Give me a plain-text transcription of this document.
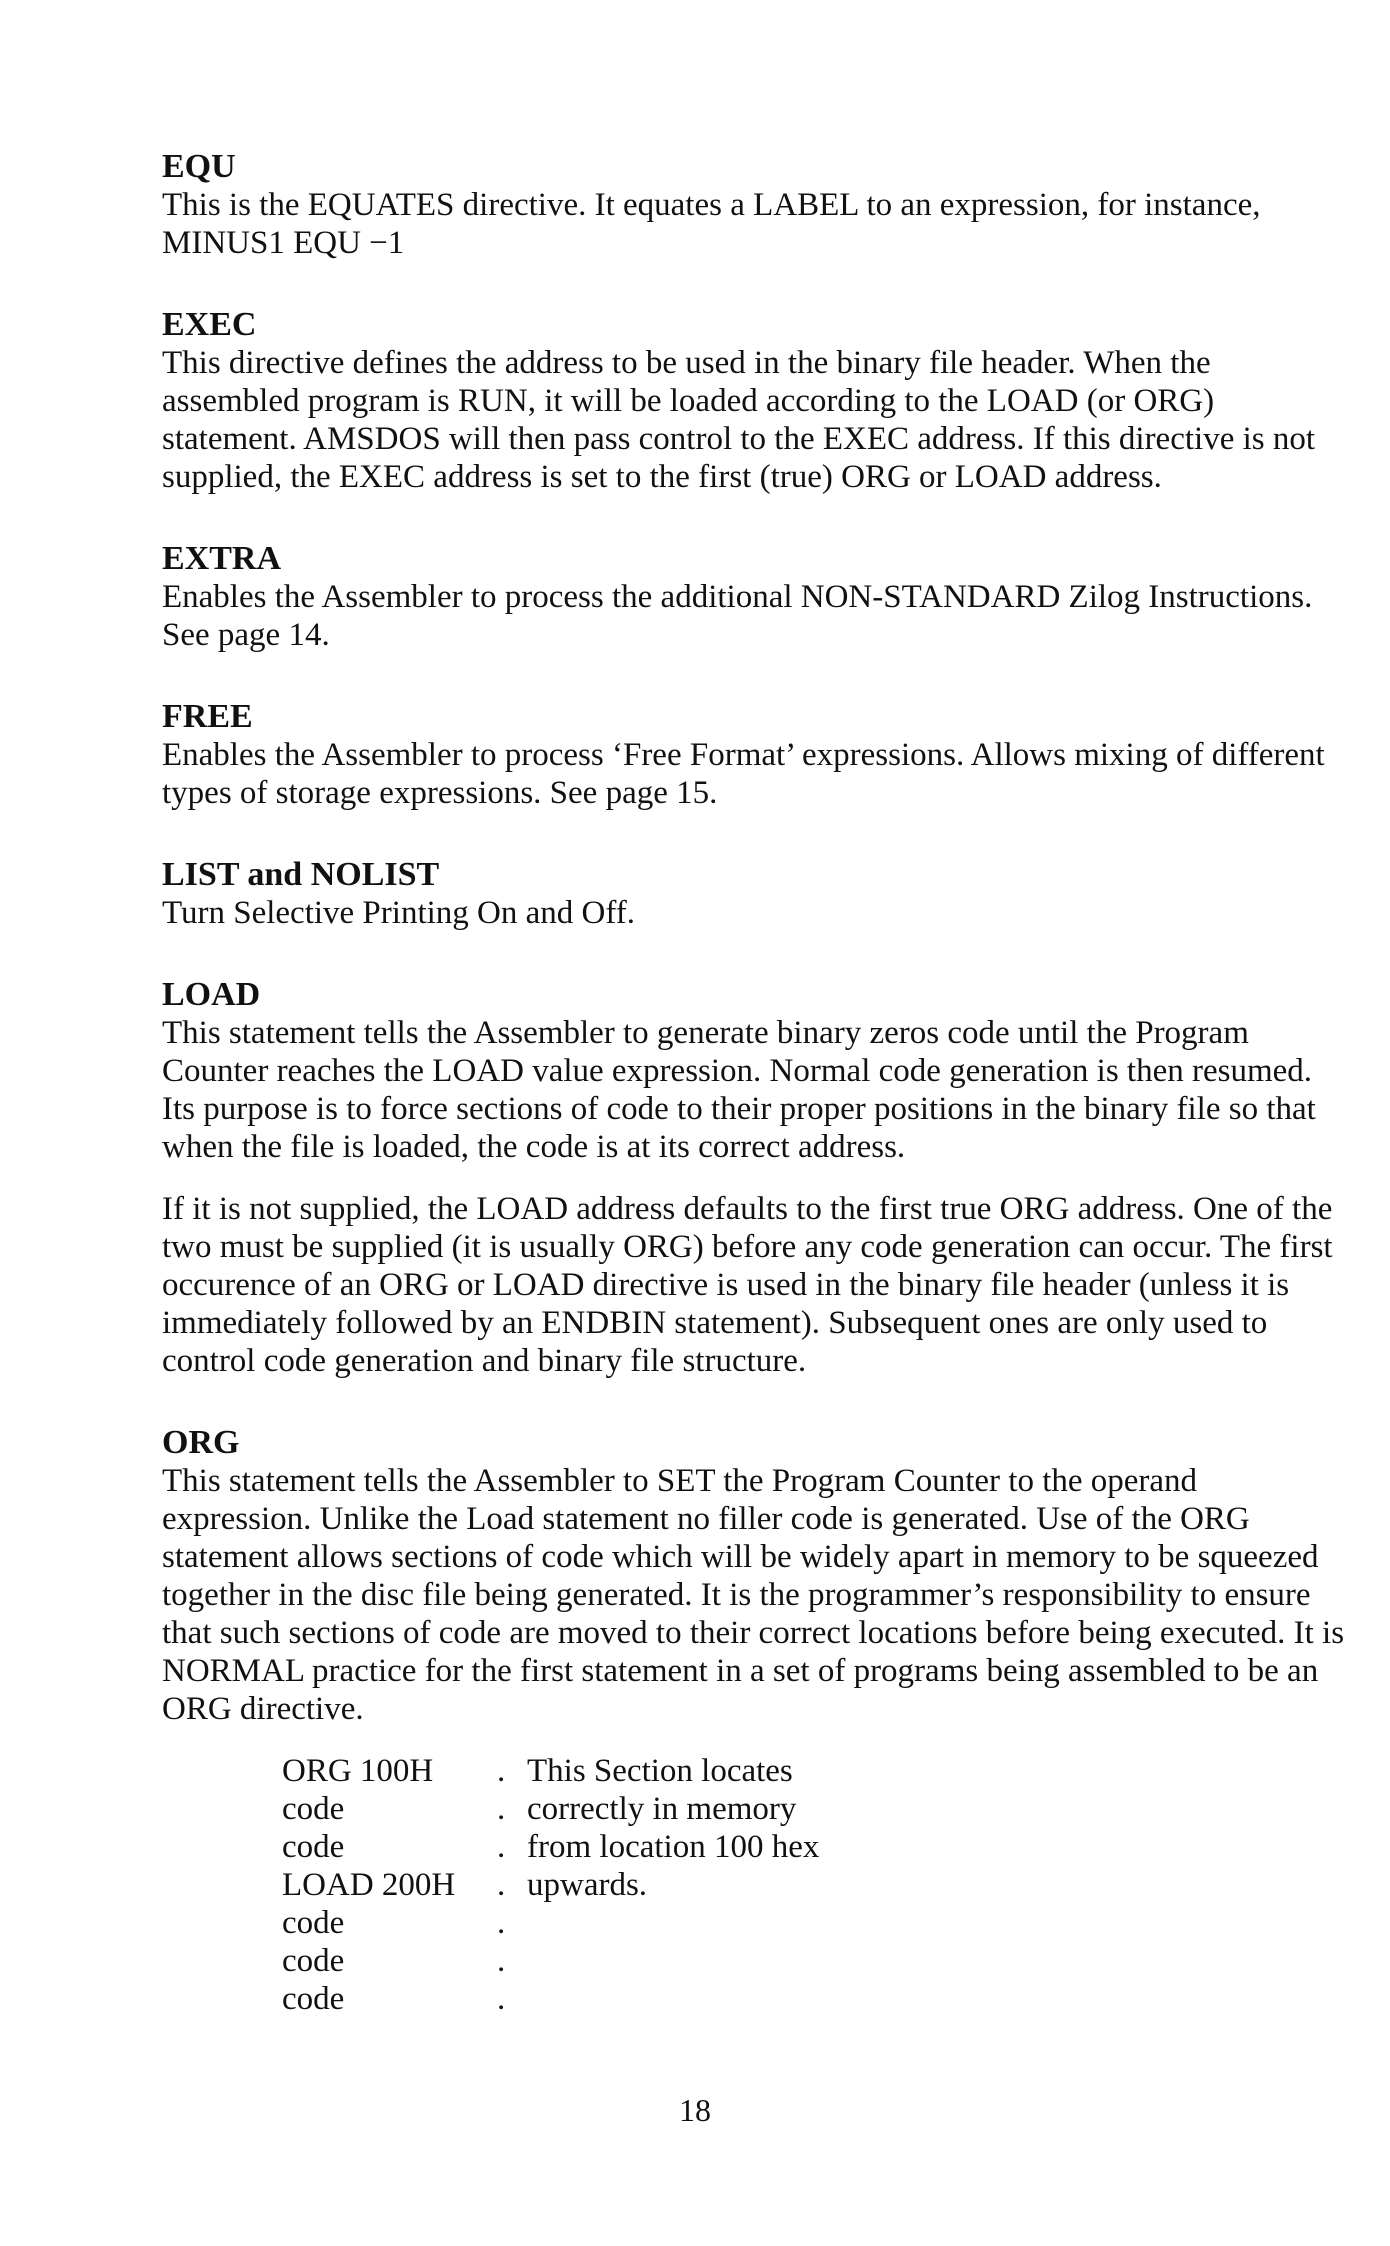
EQU

This is the EQUATES directive. It equates a LABEL to an expression, for instance, MINUS1 EQU −1

EXEC

This directive defines the address to be used in the binary file header. When the assembled program is RUN, it will be loaded according to the LOAD (or ORG) statement. AMSDOS will then pass control to the EXEC address. If this directive is not supplied, the EXEC address is set to the first (true) ORG or LOAD address.

EXTRA

Enables the Assembler to process the additional NON-STANDARD Zilog Instructions. See page 14.

FREE

Enables the Assembler to process ‘Free Format’ expressions. Allows mixing of different types of storage expressions. See page 15.

LIST and NOLIST

Turn Selective Printing On and Off.

LOAD

This statement tells the Assembler to generate binary zeros code until the Program Counter reaches the LOAD value expression. Normal code generation is then resumed. Its purpose is to force sections of code to their proper positions in the binary file so that when the file is loaded, the code is at its correct address.

If it is not supplied, the LOAD address defaults to the first true ORG address. One of the two must be supplied (it is usually ORG) before any code generation can occur. The first occurence of an ORG or LOAD directive is used in the binary file header (unless it is immediately followed by an ENDBIN statement). Subsequent ones are only used to control code generation and binary file structure.

ORG

This statement tells the Assembler to SET the Program Counter to the operand expression. Unlike the Load statement no filler code is generated. Use of the ORG statement allows sections of code which will be widely apart in memory to be squeezed together in the disc file being generated. It is the programmer’s responsibility to ensure that such sections of code are moved to their correct locations before being executed. It is NORMAL practice for the first statement in a set of programs being assembled to be an ORG directive.

ORG 100H	. This Section locates
code	. correctly in memory
code	. from location 100 hex
LOAD 200H	. upwards.
code	.
code	.
code	.
18
